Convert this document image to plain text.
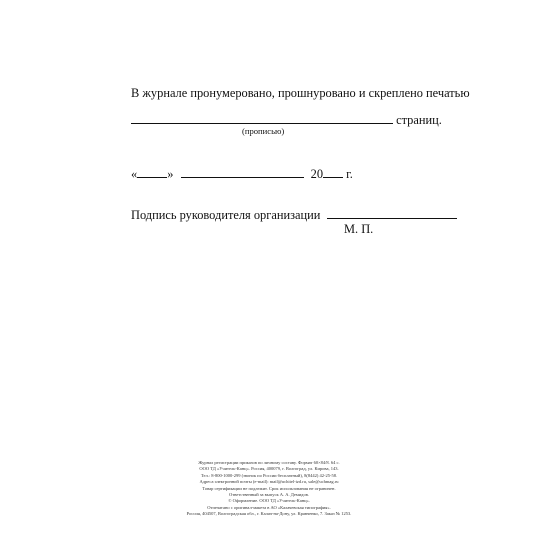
В журнале пронумеровано, прошнуровано и скреплено печатью
страниц.
(прописью)
« »	20 г.
Подпись руководителя организации
М. П.
Журнал регистрации приказов по личному составу. Формат 60×84/8. 64 с.
ООО ТД «Учитель-Канц». Россия, 400079, г. Волгоград, ул. Кирова, 143.
Тел.: 8-800-1000-299 (звонок по России бесплатный), 8(8442) 42-25-58.
Адреса электронной почты (e-mail): mail@uchitel-izd.ru, sale@uchmag.ru
Товар сертификации не подлежит. Срок использования не ограничен.
Ответственный за выпуск А. А. Демидов.
© Оформление. ООО ТД «Учитель-Канц».
Отпечатано с оригинал-макета в АО «Калачевская типография».
Россия, 404507, Волгоградская обл., г. Калач-на-Дону, ул. Кравченко, 7. Заказ № 1253.
